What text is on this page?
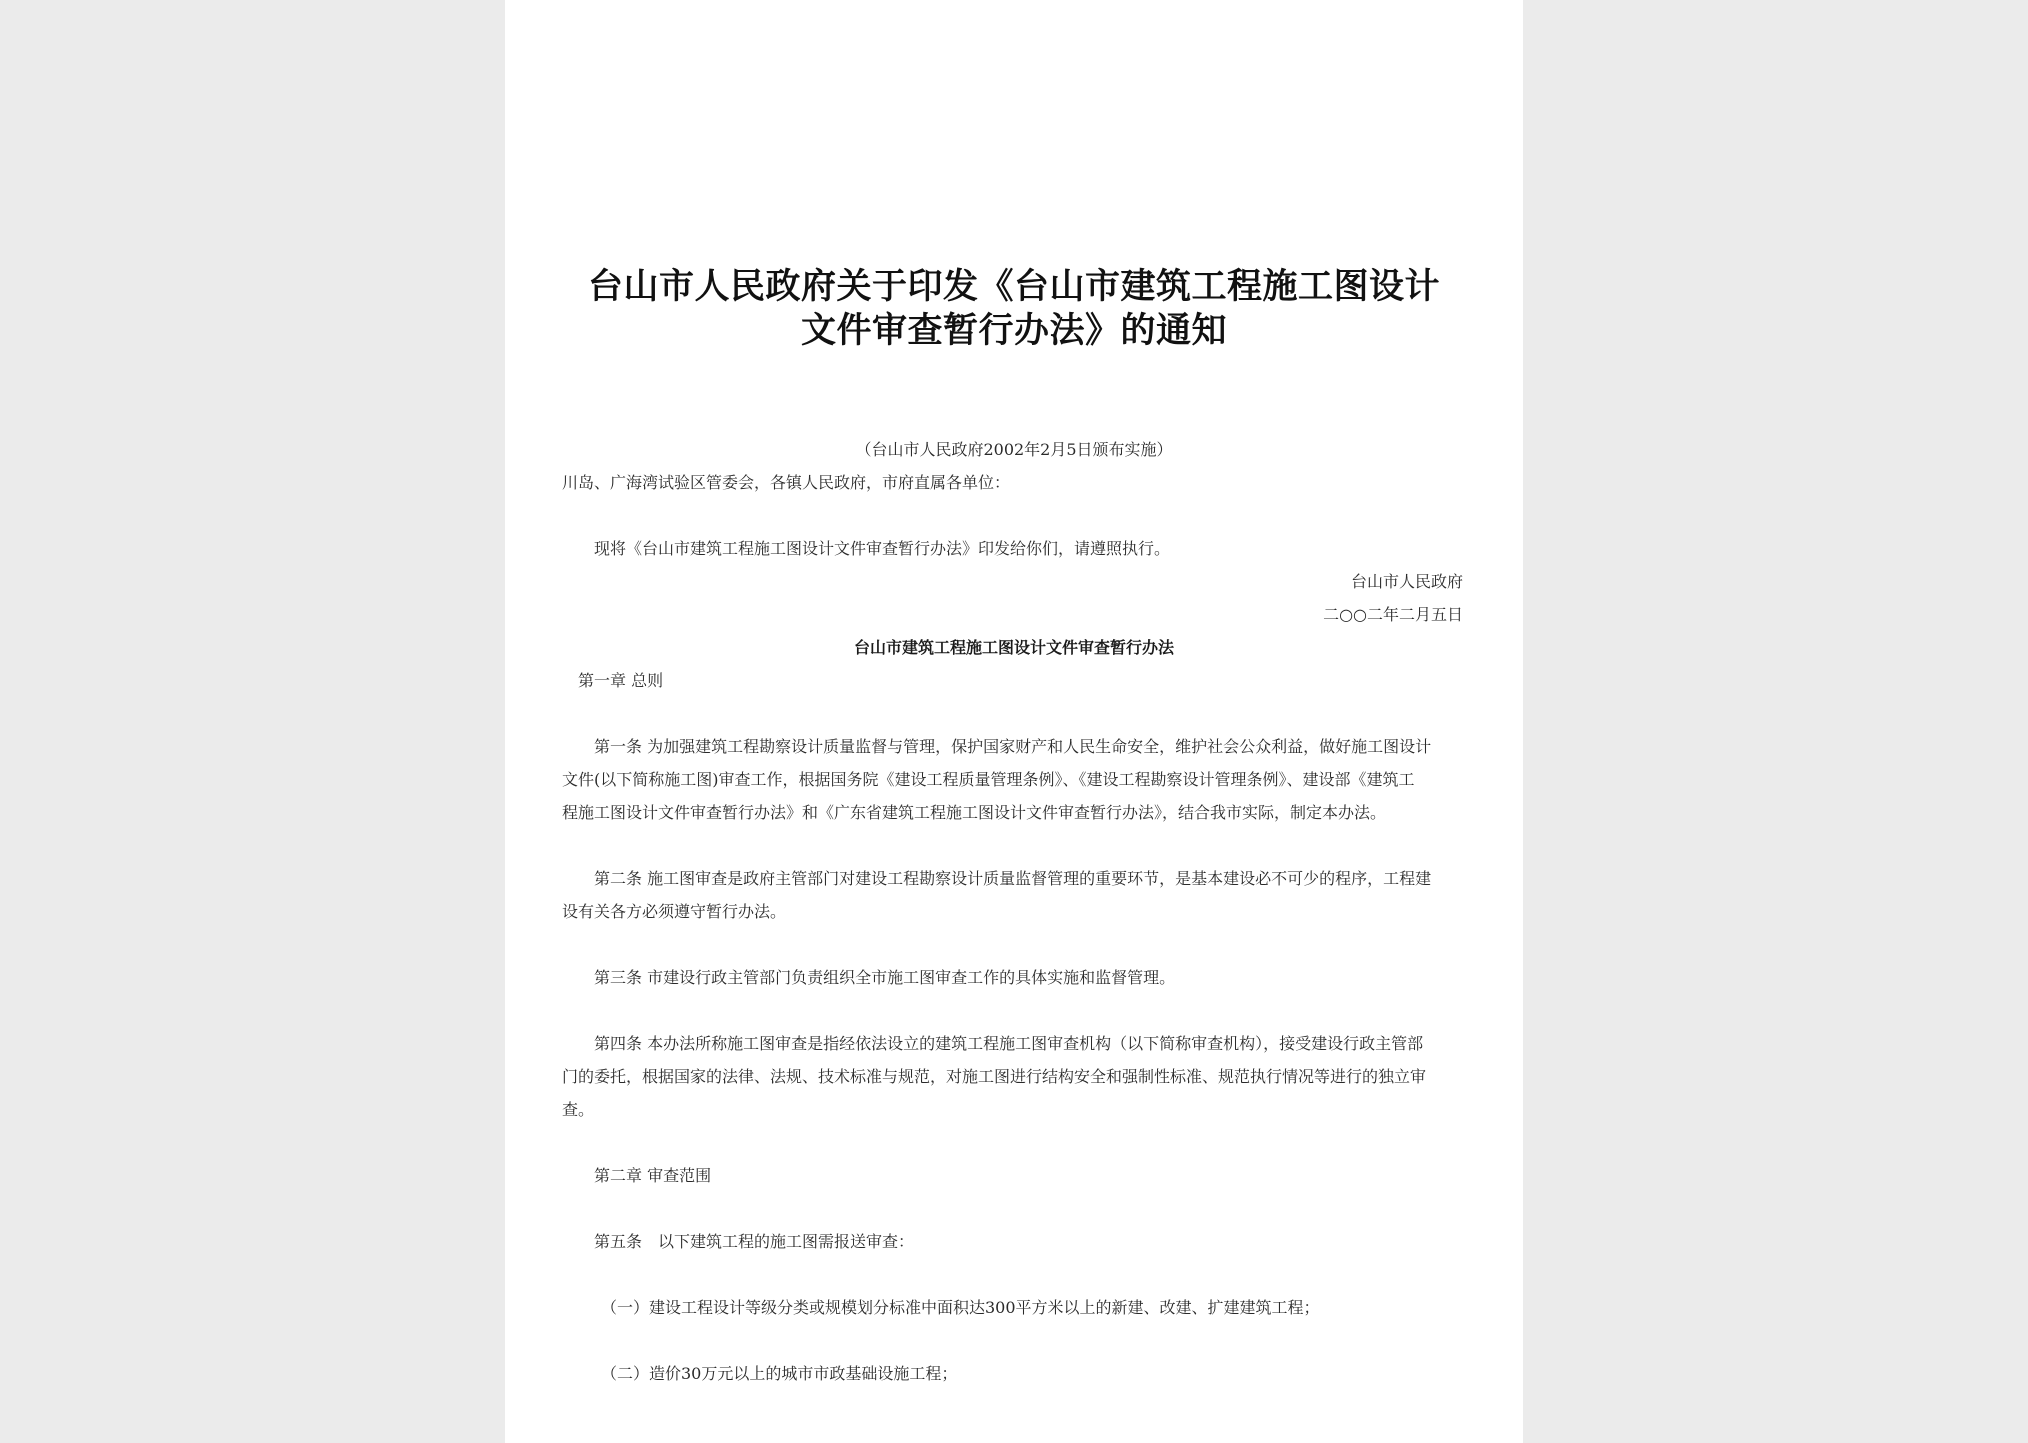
台山市人民政府关于印发《台山市建筑工程施工图设计
文件审查暂行办法》的通知
（台山市人民政府2002年2月5日颁布实施）
川岛、广海湾试验区管委会，各镇人民政府，市府直属各单位：
现将《台山市建筑工程施工图设计文件审查暂行办法》印发给你们，请遵照执行。
台山市人民政府
二○○二年二月五日
台山市建筑工程施工图设计文件审查暂行办法
第一章 总则
第一条 为加强建筑工程勘察设计质量监督与管理，保护国家财产和人民生命安全，维护社会公众利益，做好施工图设计
文件(以下简称施工图)审查工作，根据国务院《建设工程质量管理条例》、《建设工程勘察设计管理条例》、建设部《建筑工
程施工图设计文件审查暂行办法》和《广东省建筑工程施工图设计文件审查暂行办法》，结合我市实际，制定本办法。
第二条 施工图审查是政府主管部门对建设工程勘察设计质量监督管理的重要环节，是基本建设必不可少的程序，工程建
设有关各方必须遵守暂行办法。
第三条 市建设行政主管部门负责组织全市施工图审查工作的具体实施和监督管理。
第四条 本办法所称施工图审查是指经依法设立的建筑工程施工图审查机构（以下简称审查机构），接受建设行政主管部
门的委托，根据国家的法律、法规、技术标准与规范，对施工图进行结构安全和强制性标准、规范执行情况等进行的独立审
查。
第二章 审查范围
第五条　以下建筑工程的施工图需报送审查：
（一）建设工程设计等级分类或规模划分标准中面积达300平方米以上的新建、改建、扩建建筑工程；
（二）造价30万元以上的城市市政基础设施工程；
